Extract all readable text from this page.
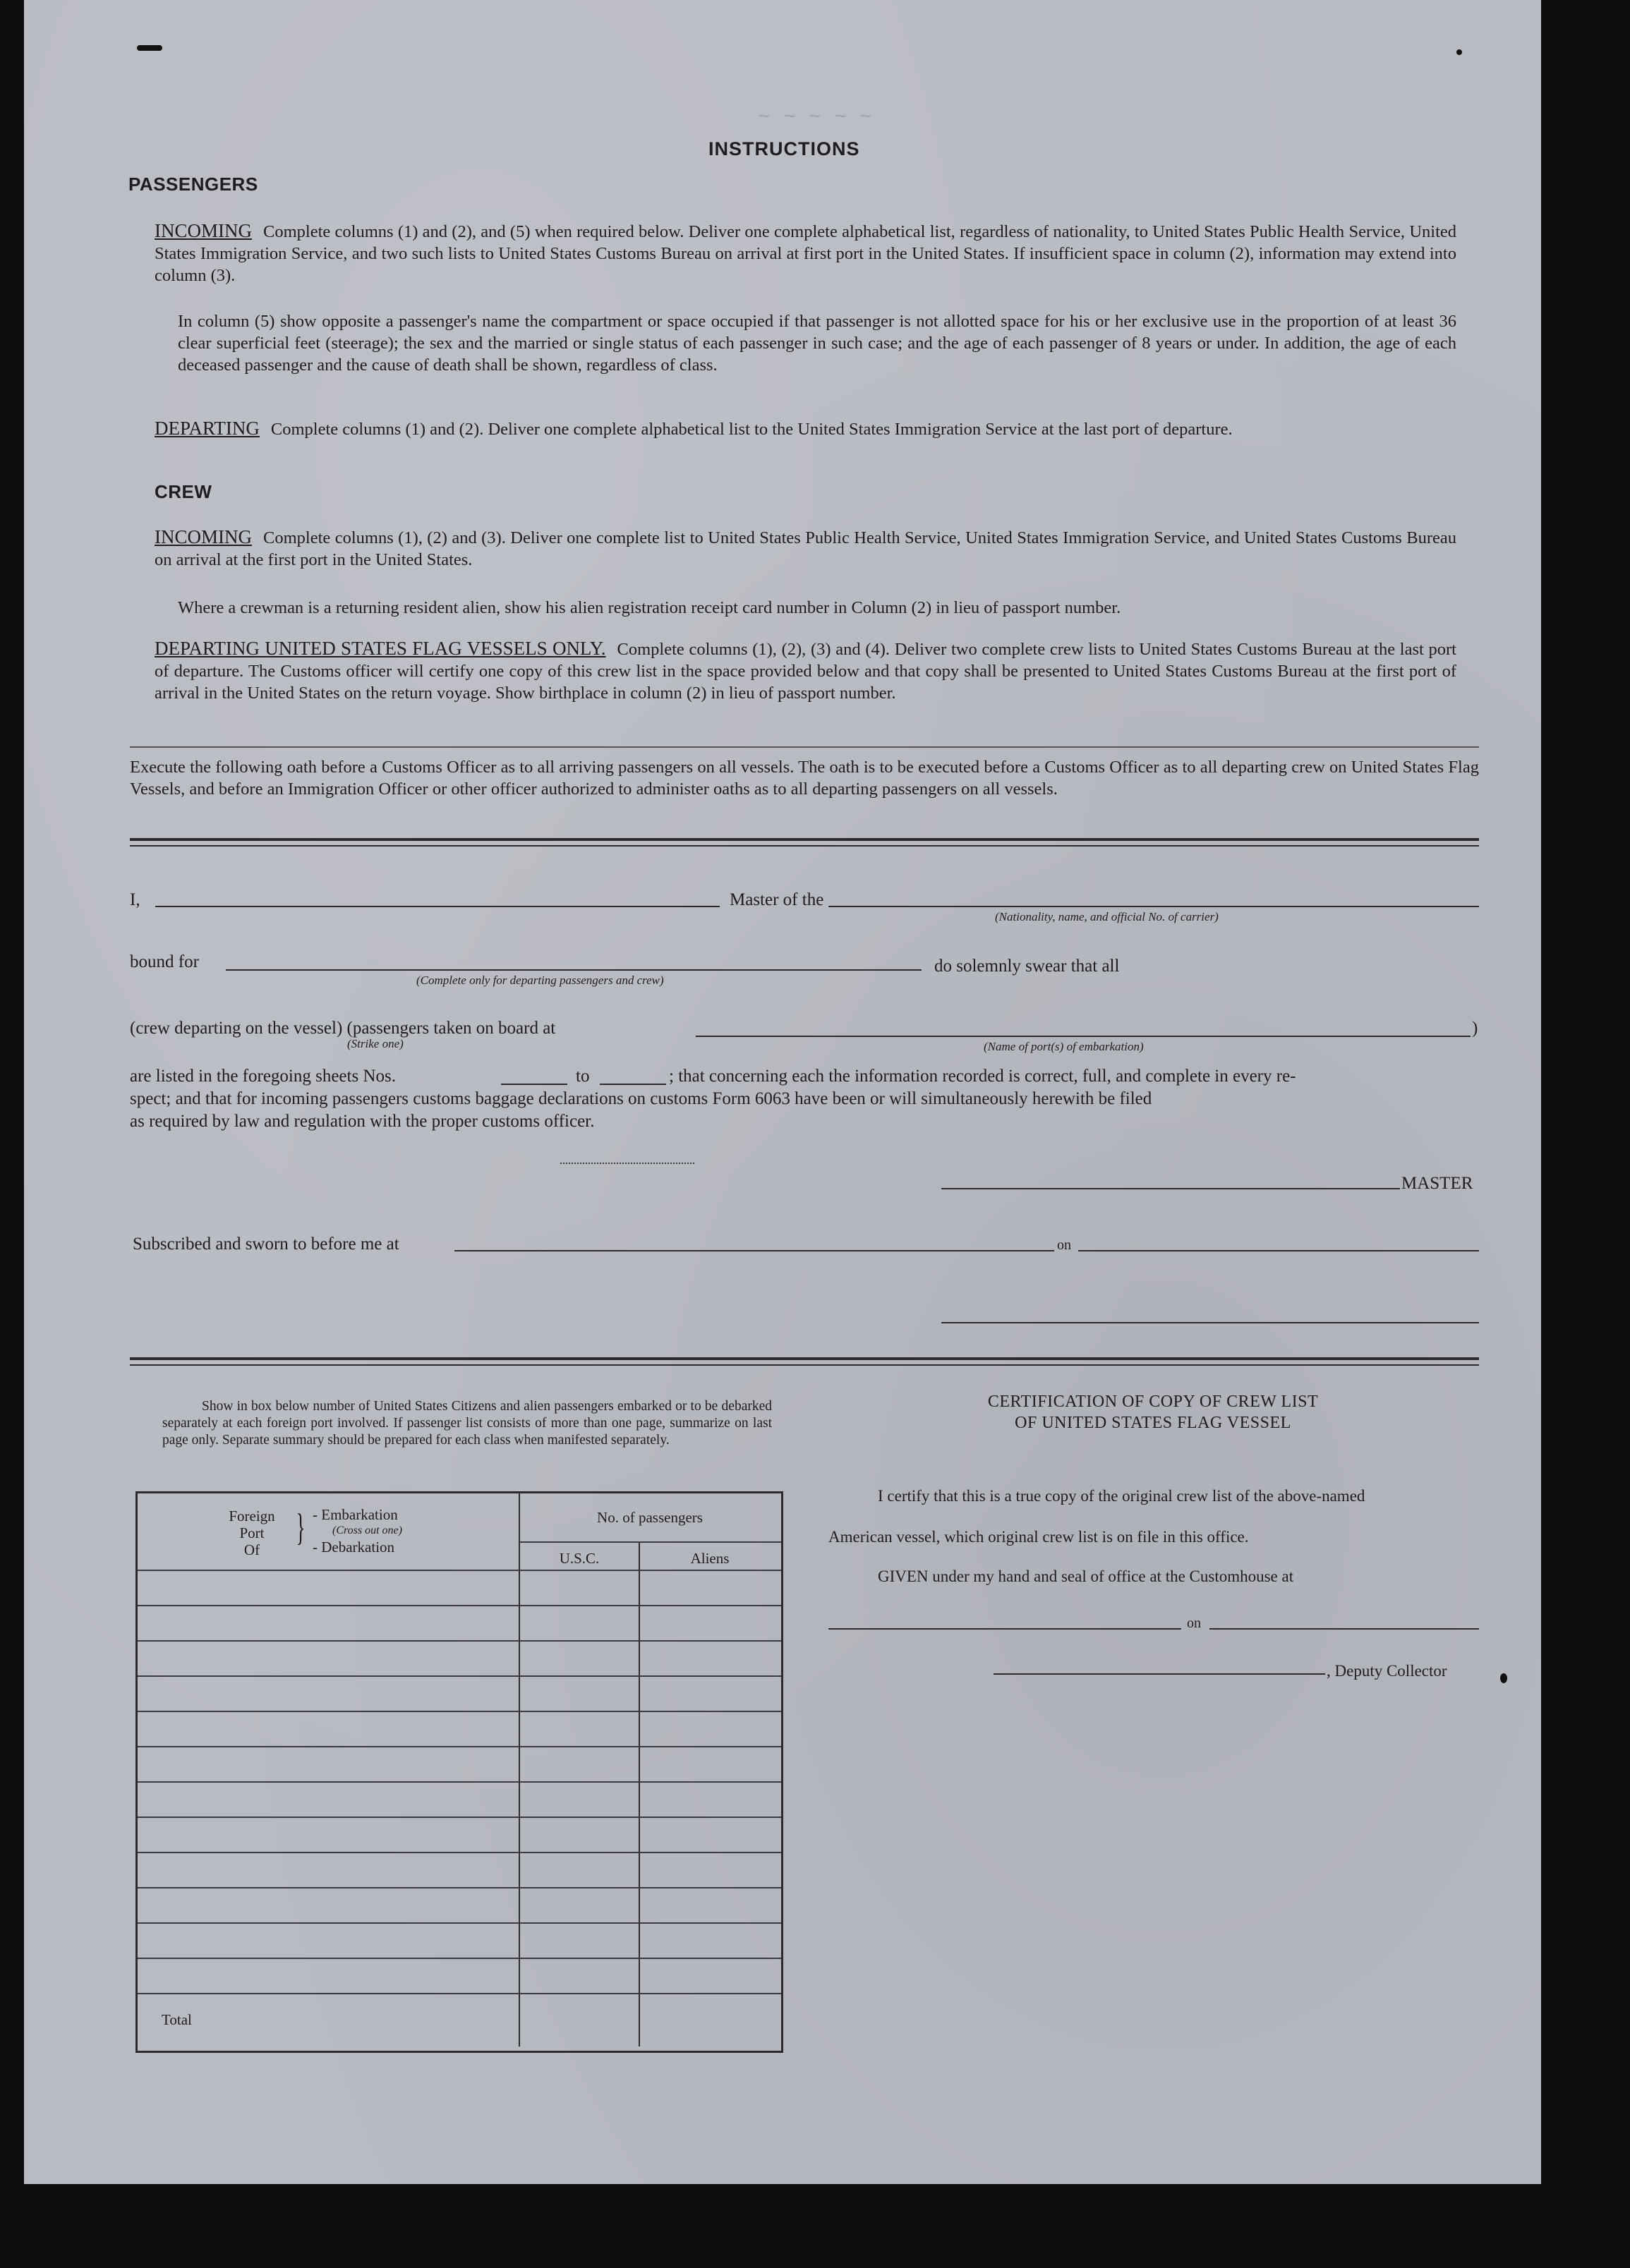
~ ~ ~ ~ ~
INSTRUCTIONS
PASSENGERS
INCOMING Complete columns (1) and (2), and (5) when required below. Deliver one complete alphabetical list, regardless of nationality, to United States Public Health Service, United States Immigration Service, and two such lists to United States Customs Bureau on arrival at first port in the United States. If insufficient space in column (2), information may extend into column (3).
In column (5) show opposite a passenger's name the compartment or space occupied if that passenger is not allotted space for his or her exclusive use in the proportion of at least 36 clear superficial feet (steerage); the sex and the married or single status of each passenger in such case; and the age of each passenger of 8 years or under. In addition, the age of each deceased passenger and the cause of death shall be shown, regardless of class.
DEPARTING Complete columns (1) and (2). Deliver one complete alphabetical list to the United States Immigration Service at the last port of departure.
CREW
INCOMING Complete columns (1), (2) and (3). Deliver one complete list to United States Public Health Service, United States Immigration Service, and United States Customs Bureau on arrival at the first port in the United States.
Where a crewman is a returning resident alien, show his alien registration receipt card number in Column (2) in lieu of passport number.
DEPARTING UNITED STATES FLAG VESSELS ONLY. Complete columns (1), (2), (3) and (4). Deliver two complete crew lists to United States Customs Bureau at the last port of departure. The Customs officer will certify one copy of this crew list in the space provided below and that copy shall be presented to United States Customs Bureau at the first port of arrival in the United States on the return voyage. Show birthplace in column (2) in lieu of passport number.
Execute the following oath before a Customs Officer as to all arriving passengers on all vessels. The oath is to be executed before a Customs Officer as to all departing crew on United States Flag Vessels, and before an Immigration Officer or other officer authorized to administer oaths as to all departing passengers on all vessels.
I,	Master of the
(Nationality, name, and official No. of carrier)
bound for
(Complete only for departing passengers and crew)
do solemnly swear that all
(crew departing on the vessel) (passengers taken on board at
(Strike one)
)
(Name of port(s) of embarkation)
are listed in the foregoing sheets Nos.	to	; that concerning each the information recorded is correct, full, and complete in every re-
spect; and that for incoming passengers customs baggage declarations on customs Form 6063 have been or will simultaneously herewith be filed
as required by law and regulation with the proper customs officer.
MASTER
Subscribed and sworn to before me at	on
Show in box below number of United States Citizens and alien passengers embarked or to be debarked separately at each foreign port involved. If passenger list consists of more than one page, summarize on last page only. Separate summary should be prepared for each class when manifested separately.
Foreign
Port
Of
} - Embarkation
(Cross out one)
- Debarkation
No. of passengers
U.S.C.	Aliens
Total
CERTIFICATION OF COPY OF CREW LIST
OF UNITED STATES FLAG VESSEL
I certify that this is a true copy of the original crew list of the above-named
American vessel, which original crew list is on file in this office.
GIVEN under my hand and seal of office at the Customhouse at
on
, Deputy Collector
